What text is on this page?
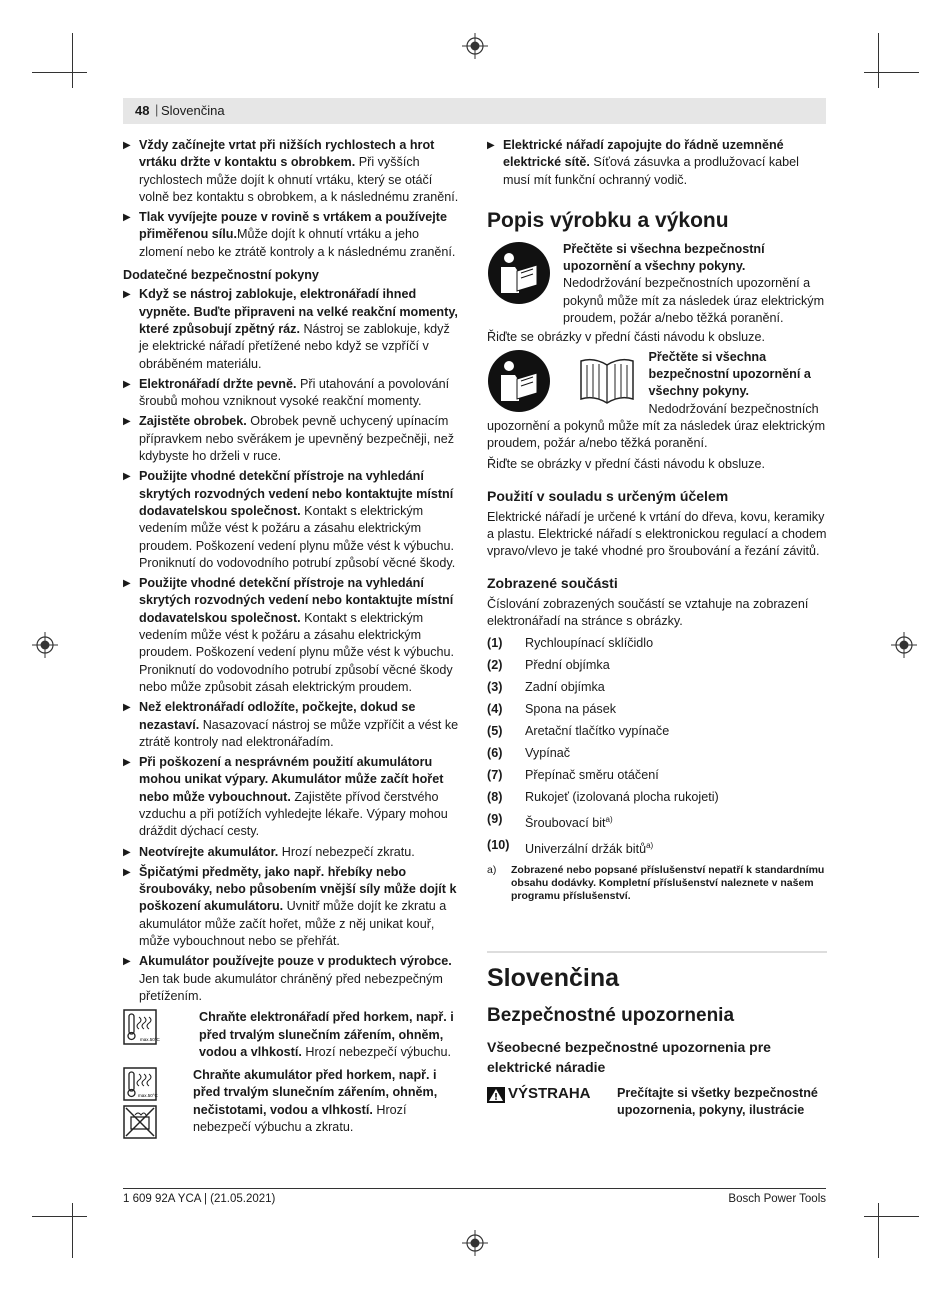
48 | Slovenčina
▶ Vždy začínejte vrtat při nižších rychlostech a hrot vrtáku držte v kontaktu s obrobkem. Při vyšších rychlostech může dojít k ohnutí vrtáku, který se otáčí volně bez kontaktu s obrobkem, a k následnému zranění.
▶ Tlak vyvíjejte pouze v rovině s vrtákem a používejte přiměřenou sílu.Může dojít k ohnutí vrtáku a jeho zlomení nebo ke ztrátě kontroly a k následnému zranění.

Dodatečné bezpečnostní pokyny

▶ Když se nástroj zablokuje, elektronářadí ihned vypněte. Buďte připraveni na velké reakční momenty, které způsobují zpětný ráz. Nástroj se zablokuje, když je elektrické nářadí přetížené nebo když se vzpříčí v obráběném materiálu.
▶ Elektronářadí držte pevně. Při utahování a povolování šroubů mohou vzniknout vysoké reakční momenty.
▶ Zajistěte obrobek. Obrobek pevně uchycený upínacím přípravkem nebo svěrákem je upevněný bezpečněji, než kdybyste ho drželi v ruce.
▶ Použijte vhodné detekční přístroje na vyhledání skrytých rozvodných vedení nebo kontaktujte místní dodavatelskou společnost. Kontakt s elektrickým vedením může vést k požáru a zásahu elektrickým proudem. Poškození vedení plynu může vést k výbuchu. Proniknutí do vodovodního potrubí způsobí věcné škody.
▶ Použijte vhodné detekční přístroje na vyhledání skrytých rozvodných vedení nebo kontaktujte místní dodavatelskou společnost. Kontakt s elektrickým vedením může vést k požáru a zásahu elektrickým proudem. Poškození vedení plynu může vést k výbuchu. Proniknutí do vodovodního potrubí způsobí věcné škody nebo může způsobit zásah elektrickým proudem.
▶ Než elektronářadí odložíte, počkejte, dokud se nezastaví. Nasazovací nástroj se může vzpříčit a vést ke ztrátě kontroly nad elektronářadím.
▶ Při poškození a nesprávném použití akumulátoru mohou unikat výpary. Akumulátor může začít hořet nebo může vybouchnout. Zajistěte přívod čerstvého vzduchu a při potížích vyhledejte lékaře. Výpary mohou dráždit dýchací cesty.
▶ Neotvírejte akumulátor. Hrozí nebezpečí zkratu.
▶ Špičatými předměty, jako např. hřebíky nebo šroubováky, nebo působením vnější síly může dojít k poškození akumulátoru. Uvnitř může dojít ke zkratu a akumulátor může začít hořet, může z něj unikat kouř, může vybouchnout nebo se přehřát.
▶ Akumulátor používejte pouze v produktech výrobce. Jen tak bude akumulátor chráněný před nebezpečným přetížením.
max.50°C

Chraňte elektronářadí před horkem, např. i před trvalým slunečním zářením, ohněm, vodou a vlhkostí. Hrozí nebezpečí výbuchu.

max.50°C

Chraňte akumulátor před horkem, např. i před trvalým slunečním zářením, ohněm, nečistotami, vodou a vlhkostí. Hrozí nebezpečí výbuchu a zkratu.

▶ Elektrické nářadí zapojujte do řádně uzemněné elektrické sítě. Síťová zásuvka a prodlužovací kabel musí mít funkční ochranný vodič.

Popis výrobku a výkonu

Přečtěte si všechna bezpečnostní upozornění a všechny pokyny. Nedodržování bezpečnostních upozornění a pokynů může mít za následek úraz elektrickým proudem, požár a/nebo těžká poranění.

Řiďte se obrázky v přední části návodu k obsluze.

Přečtěte si všechna bezpečnostní upozornění a všechny pokyny. Nedodržování bezpečnostních upozornění a pokynů může mít za následek úraz elektrickým proudem, požár a/nebo těžká poranění.

Řiďte se obrázky v přední části návodu k obsluze.

Použití v souladu s určeným účelem

Elektrické nářadí je určené k vrtání do dřeva, kovu, keramiky a plastu. Elektrické nářadí s elektronickou regulací a chodem vpravo/vlevo je také vhodné pro šroubování a řezání závitů.

Zobrazené součásti

Číslování zobrazených součástí se vztahuje na zobrazení elektronářadí na stránce s obrázky.

(1)	Rychloupínací sklíčidlo
(2)	Přední objímka
(3)	Zadní objímka
(4)	Spona na pásek
(5)	Aretační tlačítko vypínače
(6)	Vypínač
(7)	Přepínač směru otáčení
(8)	Rukojeť (izolovaná plocha rukojeti)
(9)	Šroubovací bit$^{a)}$
(10)	Univerzální držák bitů$^{a)}$
a)	Zobrazené nebo popsané příslušenství nepatří k standardnímu obsahu dodávky. Kompletní příslušenství naleznete v našem programu příslušenství.

Slovenčina

Bezpečnostné upozornenia

Všeobecné bezpečnostné upozornenia pre elektrické náradie

VÝSTRAHA Prečítajte si všetky bezpečnostné upozornenia, pokyny, ilustrácie

1 609 92A YCA | (21.05.2021)	Bosch Power Tools
